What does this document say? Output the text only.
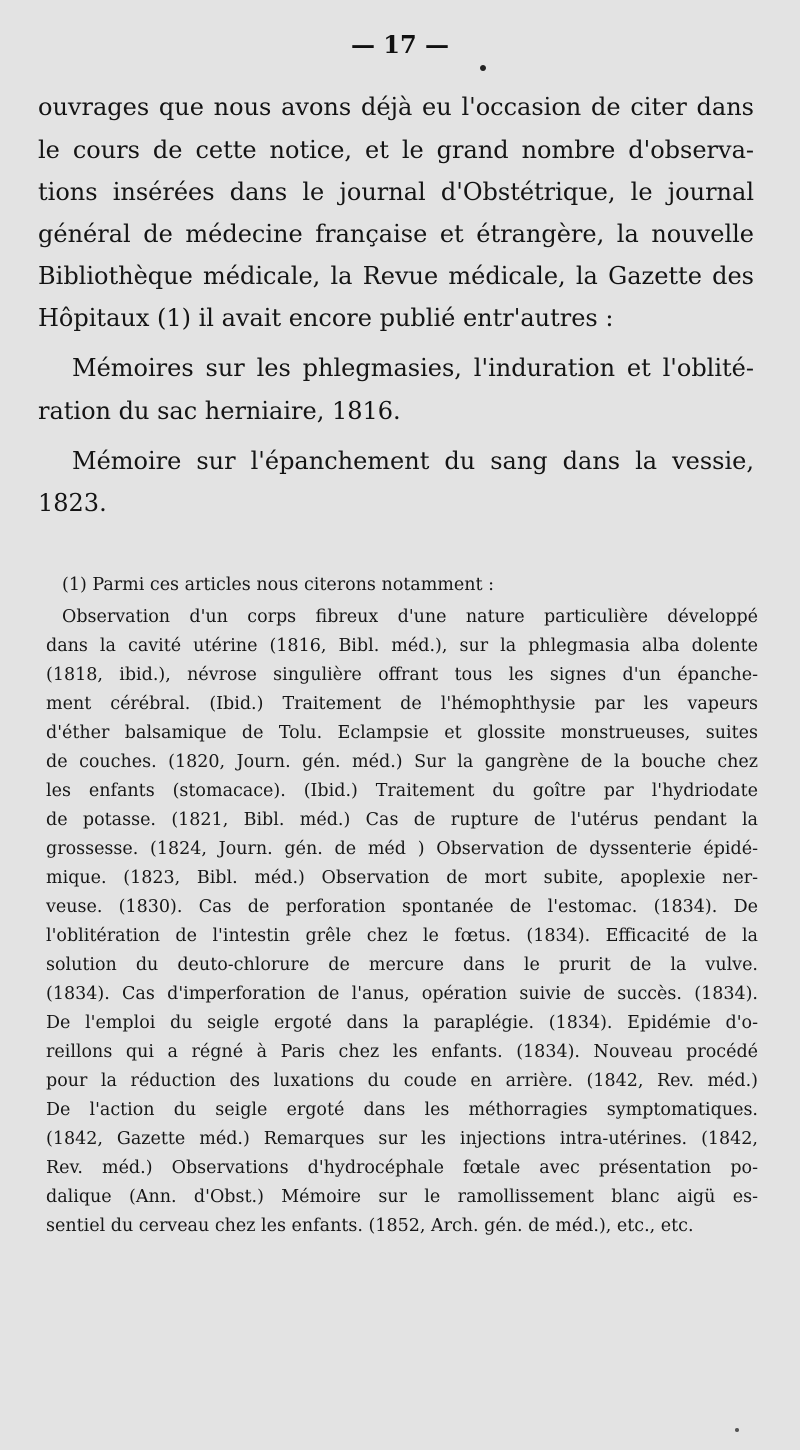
— 17 —
ouvrages que nous avons déjà eu l'occasion de citer dans
le cours de cette notice, et le grand nombre d'observa-
tions insérées dans le journal d'Obstétrique, le journal
général de médecine française et étrangère, la nouvelle
Bibliothèque médicale, la Revue médicale, la Gazette des
Hôpitaux (1) il avait encore publié entr'autres :
Mémoires sur les phlegmasies, l'induration et l'oblité-
ration du sac herniaire, 1816.
Mémoire sur l'épanchement du sang dans la vessie,
1823.
(1) Parmi ces articles nous citerons notamment :
Observation d'un corps fibreux d'une nature particulière développé
dans la cavité utérine (1816, Bibl. méd.), sur la phlegmasia alba dolente
(1818, ibid.), névrose singulière offrant tous les signes d'un épanche-
ment cérébral. (Ibid.) Traitement de l'hémophthysie par les vapeurs
d'éther balsamique de Tolu. Eclampsie et glossite monstrueuses, suites
de couches. (1820, Journ. gén. méd.) Sur la gangrène de la bouche chez
les enfants (stomacace). (Ibid.) Traitement du goître par l'hydriodate
de potasse. (1821, Bibl. méd.) Cas de rupture de l'utérus pendant la
grossesse. (1824, Journ. gén. de méd ) Observation de dyssenterie épidé-
mique. (1823, Bibl. méd.) Observation de mort subite, apoplexie ner-
veuse. (1830). Cas de perforation spontanée de l'estomac. (1834). De
l'oblitération de l'intestin grêle chez le fœtus. (1834). Efficacité de la
solution du deuto-chlorure de mercure dans le prurit de la vulve.
(1834). Cas d'imperforation de l'anus, opération suivie de succès. (1834).
De l'emploi du seigle ergoté dans la paraplégie. (1834). Epidémie d'o-
reillons qui a régné à Paris chez les enfants. (1834). Nouveau procédé
pour la réduction des luxations du coude en arrière. (1842, Rev. méd.)
De l'action du seigle ergoté dans les méthorragies symptomatiques.
(1842, Gazette méd.) Remarques sur les injections intra-utérines. (1842,
Rev. méd.) Observations d'hydrocéphale fœtale avec présentation po-
dalique (Ann. d'Obst.) Mémoire sur le ramollissement blanc aigü es-
sentiel du cerveau chez les enfants. (1852, Arch. gén. de méd.), etc., etc.
